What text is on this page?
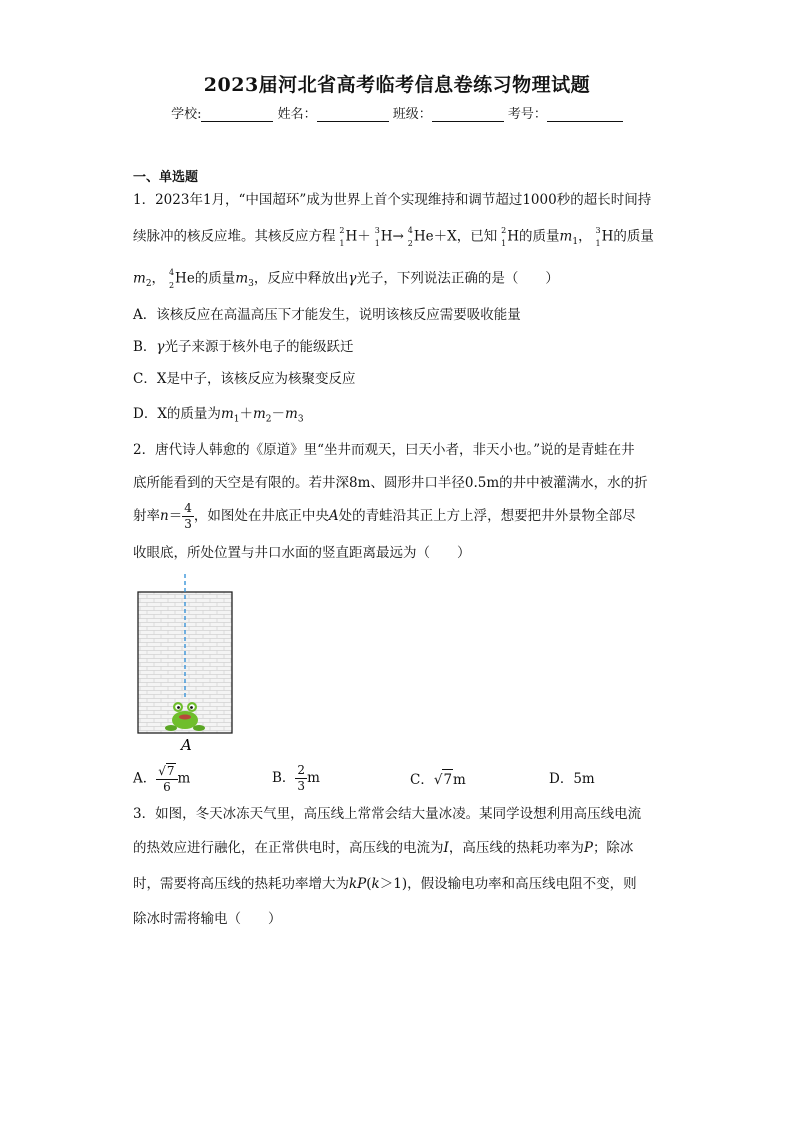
2023届河北省高考临考信息卷练习物理试题
学校:	姓名：	班级：	考号：
一、单选题
1．2023年1月，“中国超环”成为世界上首个实现维持和调节超过1000秒的超长时间持
续脉冲的核反应堆。其核反应方程 2
1 H＋ 3
1 H→ 4
2 He＋X，已知 2
1 H的质量$m_1$， 3
1 H的质量
$m_2$， 4
2 He的质量$m_3$，反应中释放出γ光子，下列说法正确的是（　　）
A．该核反应在高温高压下才能发生，说明该核反应需要吸收能量
B．γ光子来源于核外电子的能级跃迁
C．X是中子，该核反应为核聚变反应
D．X的质量为$m_1+m_2-m_3$
2．唐代诗人韩愈的《原道》里“坐井而观天，曰天小者，非天小也。”说的是青蛙在井
底所能看到的天空是有限的。若井深8m、圆形井口半径0.5m的井中被灌满水，水的折
射率$n= \frac{4}{3}$ ，如图处在井底正中央A处的青蛙沿其正上方上浮，想要把井外景物全部尽
收眼底，所处位置与井口水面的竖直距离最远为（　　）
A
A． $\frac{√7}{6}$ m	B． $\frac{2}{3}$ m	C．√7m	D．5m
3．如图，冬天冰冻天气里，高压线上常常会结大量冰凌。某同学设想利用高压线电流
的热效应进行融化，在正常供电时，高压线的电流为I，高压线的热耗功率为P；除冰
时，需要将高压线的热耗功率增大为kP(k＞1)，假设输电功率和高压线电阻不变，则
除冰时需将输电（　　）
